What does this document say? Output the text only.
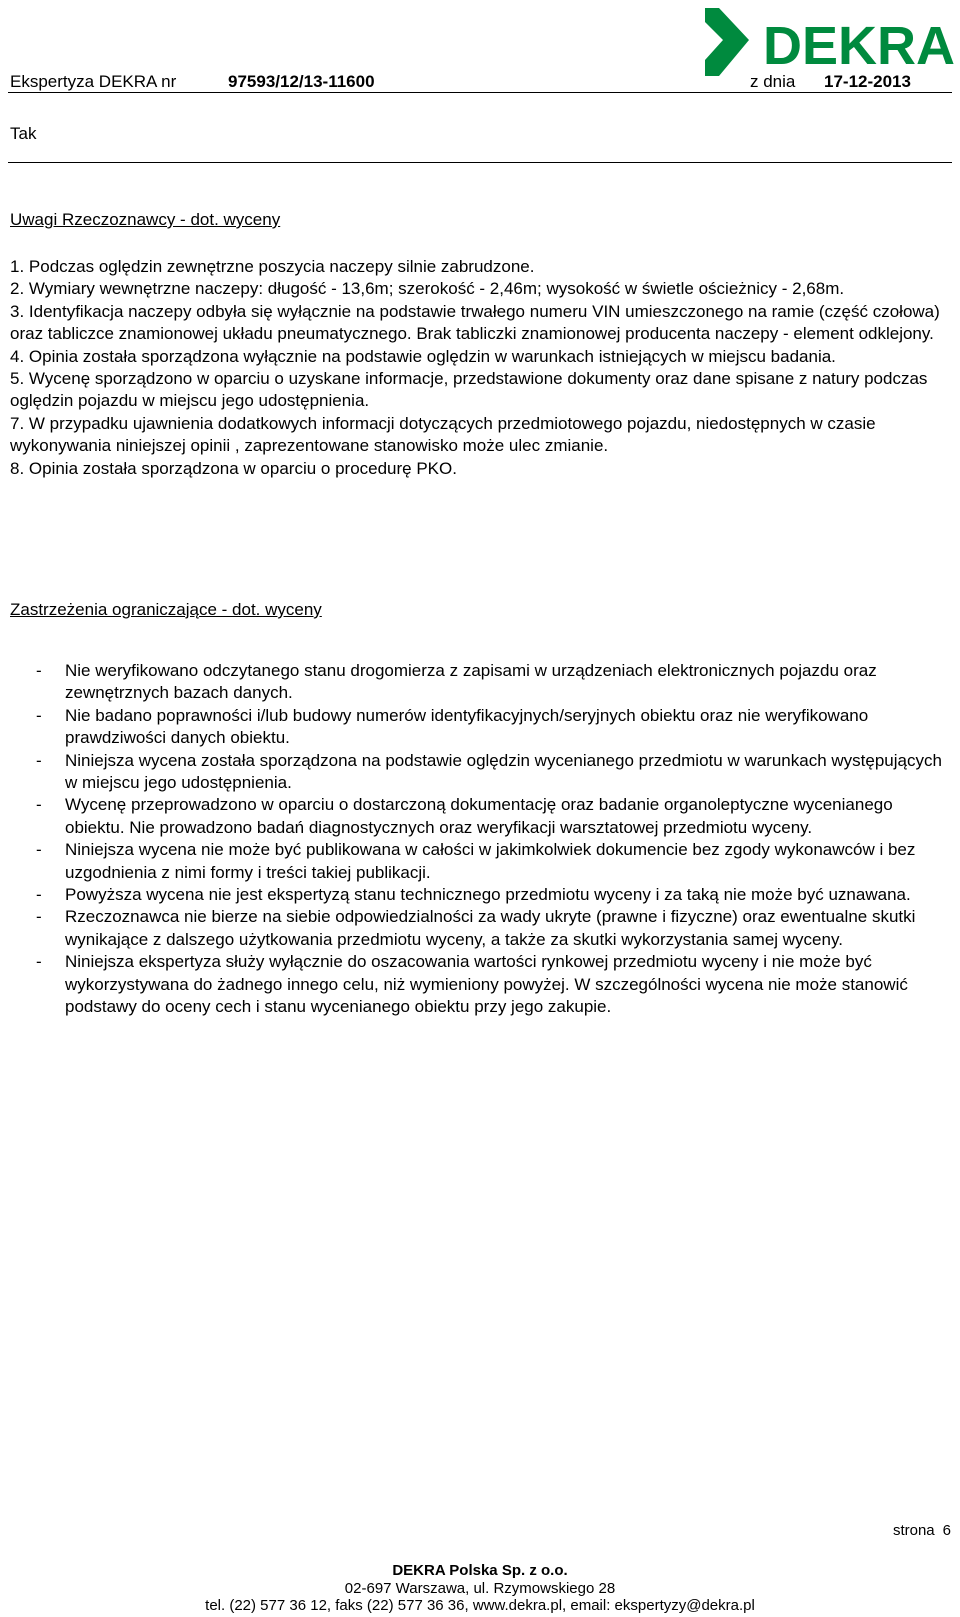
DEKRA
Ekspertyza DEKRA nr	97593/12/13-11600	z dnia 17-12-2013
Tak
Uwagi Rzeczoznawcy - dot. wyceny

1. Podczas oględzin zewnętrzne poszycia naczepy silnie zabrudzone.

2. Wymiary wewnętrzne naczepy: długość - 13,6m; szerokość - 2,46m; wysokość w świetle ościeżnicy - 2,68m.

3. Identyfikacja naczepy odbyła się wyłącznie na podstawie trwałego numeru VIN umieszczonego na ramie (część czołowa) oraz tabliczce znamionowej układu pneumatycznego. Brak tabliczki znamionowej producenta naczepy - element odklejony.

4. Opinia została sporządzona wyłącznie na podstawie oględzin w warunkach istniejących w miejscu badania.

5. Wycenę sporządzono w oparciu o uzyskane informacje, przedstawione dokumenty oraz dane spisane z natury podczas oględzin pojazdu w miejscu jego udostępnienia.

7. W przypadku ujawnienia dodatkowych informacji dotyczących przedmiotowego pojazdu, niedostępnych w czasie wykonywania niniejszej opinii , zaprezentowane stanowisko może ulec zmianie.

8. Opinia została sporządzona w oparciu o procedurę PKO.

Zastrzeżenia ograniczające - dot. wyceny
- Nie weryfikowano odczytanego stanu drogomierza z zapisami w urządzeniach elektronicznych pojazdu oraz zewnętrznych bazach danych.
- Nie badano poprawności i/lub budowy numerów identyfikacyjnych/seryjnych obiektu oraz nie weryfikowano prawdziwości danych obiektu.
- Niniejsza wycena została sporządzona na podstawie oględzin wycenianego przedmiotu w warunkach występujących w miejscu jego udostępnienia.
- Wycenę przeprowadzono w oparciu o dostarczoną dokumentację oraz badanie organoleptyczne wycenianego obiektu. Nie prowadzono badań diagnostycznych oraz weryfikacji warsztatowej przedmiotu wyceny.
- Niniejsza wycena nie może być publikowana w całości w jakimkolwiek dokumencie bez zgody wykonawców i bez uzgodnienia z nimi formy i treści takiej publikacji.
- Powyższa wycena nie jest ekspertyzą stanu technicznego przedmiotu wyceny i za taką nie może być uznawana.
- Rzeczoznawca nie bierze na siebie odpowiedzialności za wady ukryte (prawne i fizyczne) oraz ewentualne skutki wynikające z dalszego użytkowania przedmiotu wyceny, a także za skutki wykorzystania samej wyceny.
- Niniejsza ekspertyza służy wyłącznie do oszacowania wartości rynkowej przedmiotu wyceny i nie może być wykorzystywana do żadnego innego celu, niż wymieniony powyżej. W szczególności wycena nie może stanowić podstawy do oceny cech i stanu wycenianego obiektu przy jego zakupie.
strona 6
DEKRA Polska Sp. z o.o.
02-697 Warszawa, ul. Rzymowskiego 28
tel. (22) 577 36 12, faks (22) 577 36 36, www.dekra.pl, email: ekspertyzy@dekra.pl
